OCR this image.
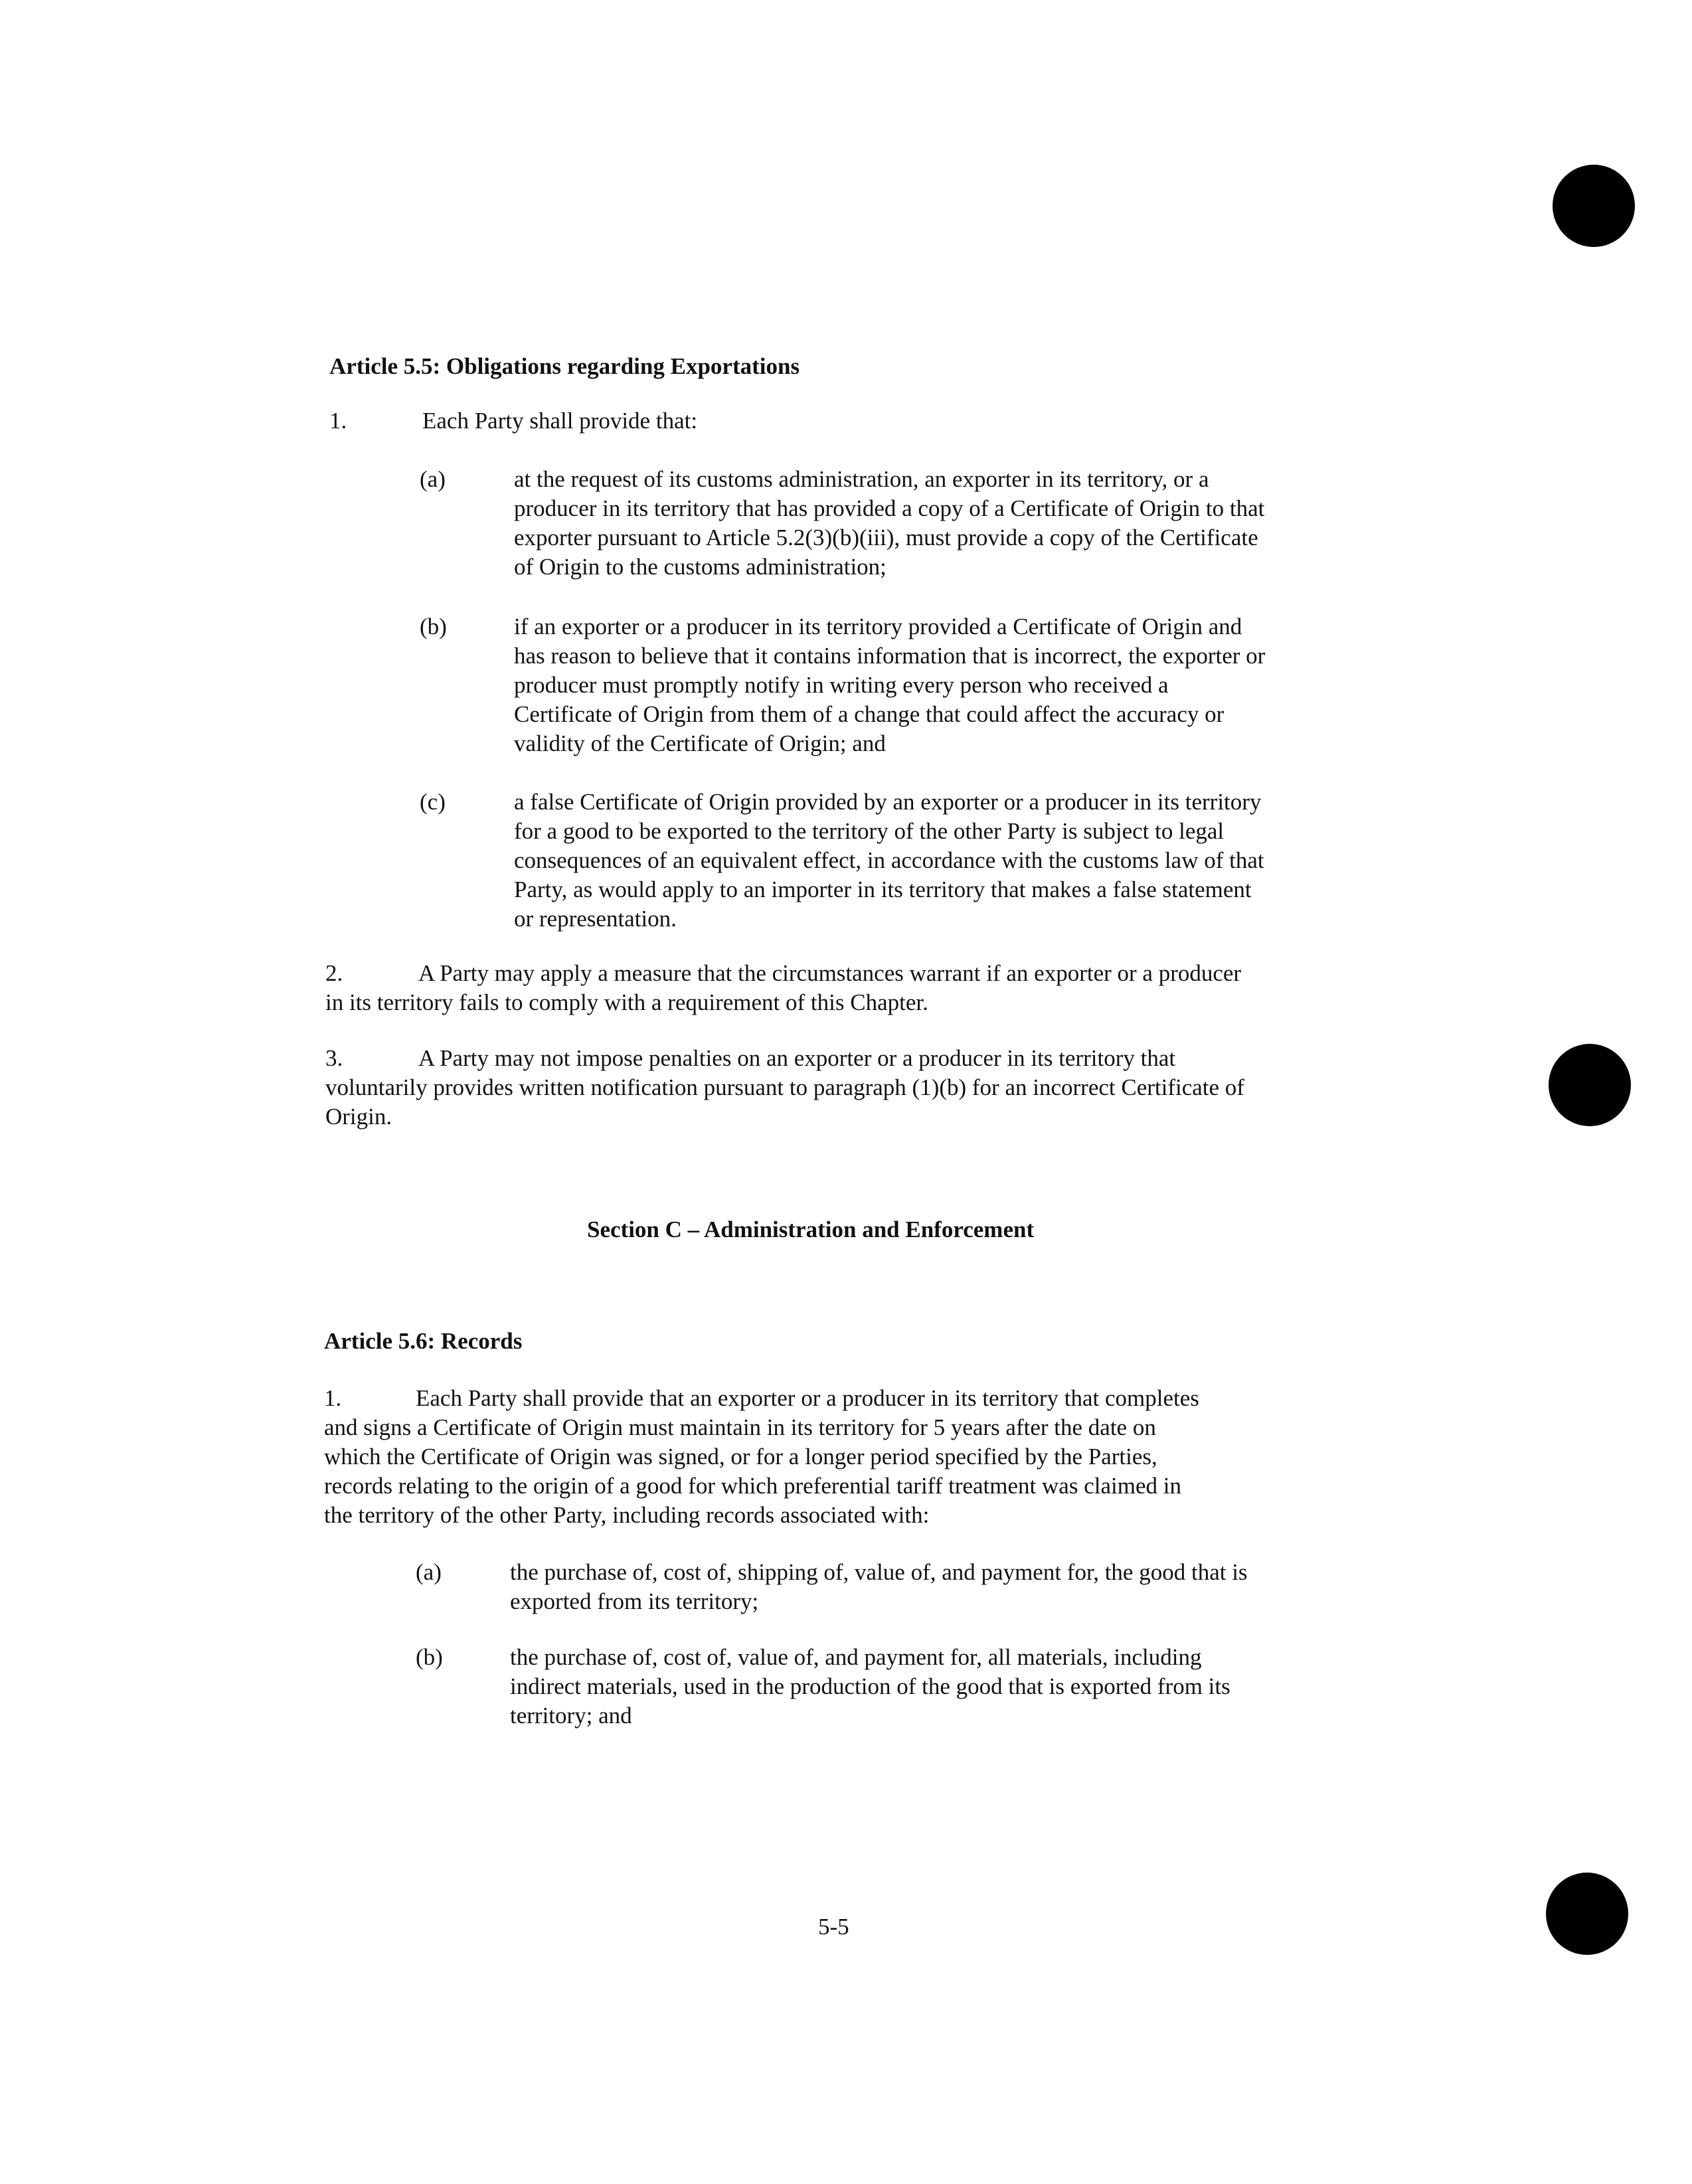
Article 5.5: Obligations regarding Exportations
1.	Each Party shall provide that:
(a)	at the request of its customs administration, an exporter in its territory, or a
producer in its territory that has provided a copy of a Certificate of Origin to that
exporter pursuant to Article 5.2(3)(b)(iii), must provide a copy of the Certificate
of Origin to the customs administration;
(b)	if an exporter or a producer in its territory provided a Certificate of Origin and
has reason to believe that it contains information that is incorrect, the exporter or
producer must promptly notify in writing every person who received a
Certificate of Origin from them of a change that could affect the accuracy or
validity of the Certificate of Origin; and
(c)	a false Certificate of Origin provided by an exporter or a producer in its territory
for a good to be exported to the territory of the other Party is subject to legal
consequences of an equivalent effect, in accordance with the customs law of that
Party, as would apply to an importer in its territory that makes a false statement
or representation.
2.	A Party may apply a measure that the circumstances warrant if an exporter or a producer
in its territory fails to comply with a requirement of this Chapter.
3.	A Party may not impose penalties on an exporter or a producer in its territory that
voluntarily provides written notification pursuant to paragraph (1)(b) for an incorrect Certificate of
Origin.
Section C – Administration and Enforcement
Article 5.6: Records
1.	Each Party shall provide that an exporter or a producer in its territory that completes
and signs a Certificate of Origin must maintain in its territory for 5 years after the date on
which the Certificate of Origin was signed, or for a longer period specified by the Parties,
records relating to the origin of a good for which preferential tariff treatment was claimed in
the territory of the other Party, including records associated with:
(a)	the purchase of, cost of, shipping of, value of, and payment for, the good that is
exported from its territory;
(b)	the purchase of, cost of, value of, and payment for, all materials, including
indirect materials, used in the production of the good that is exported from its
territory; and
5-5
